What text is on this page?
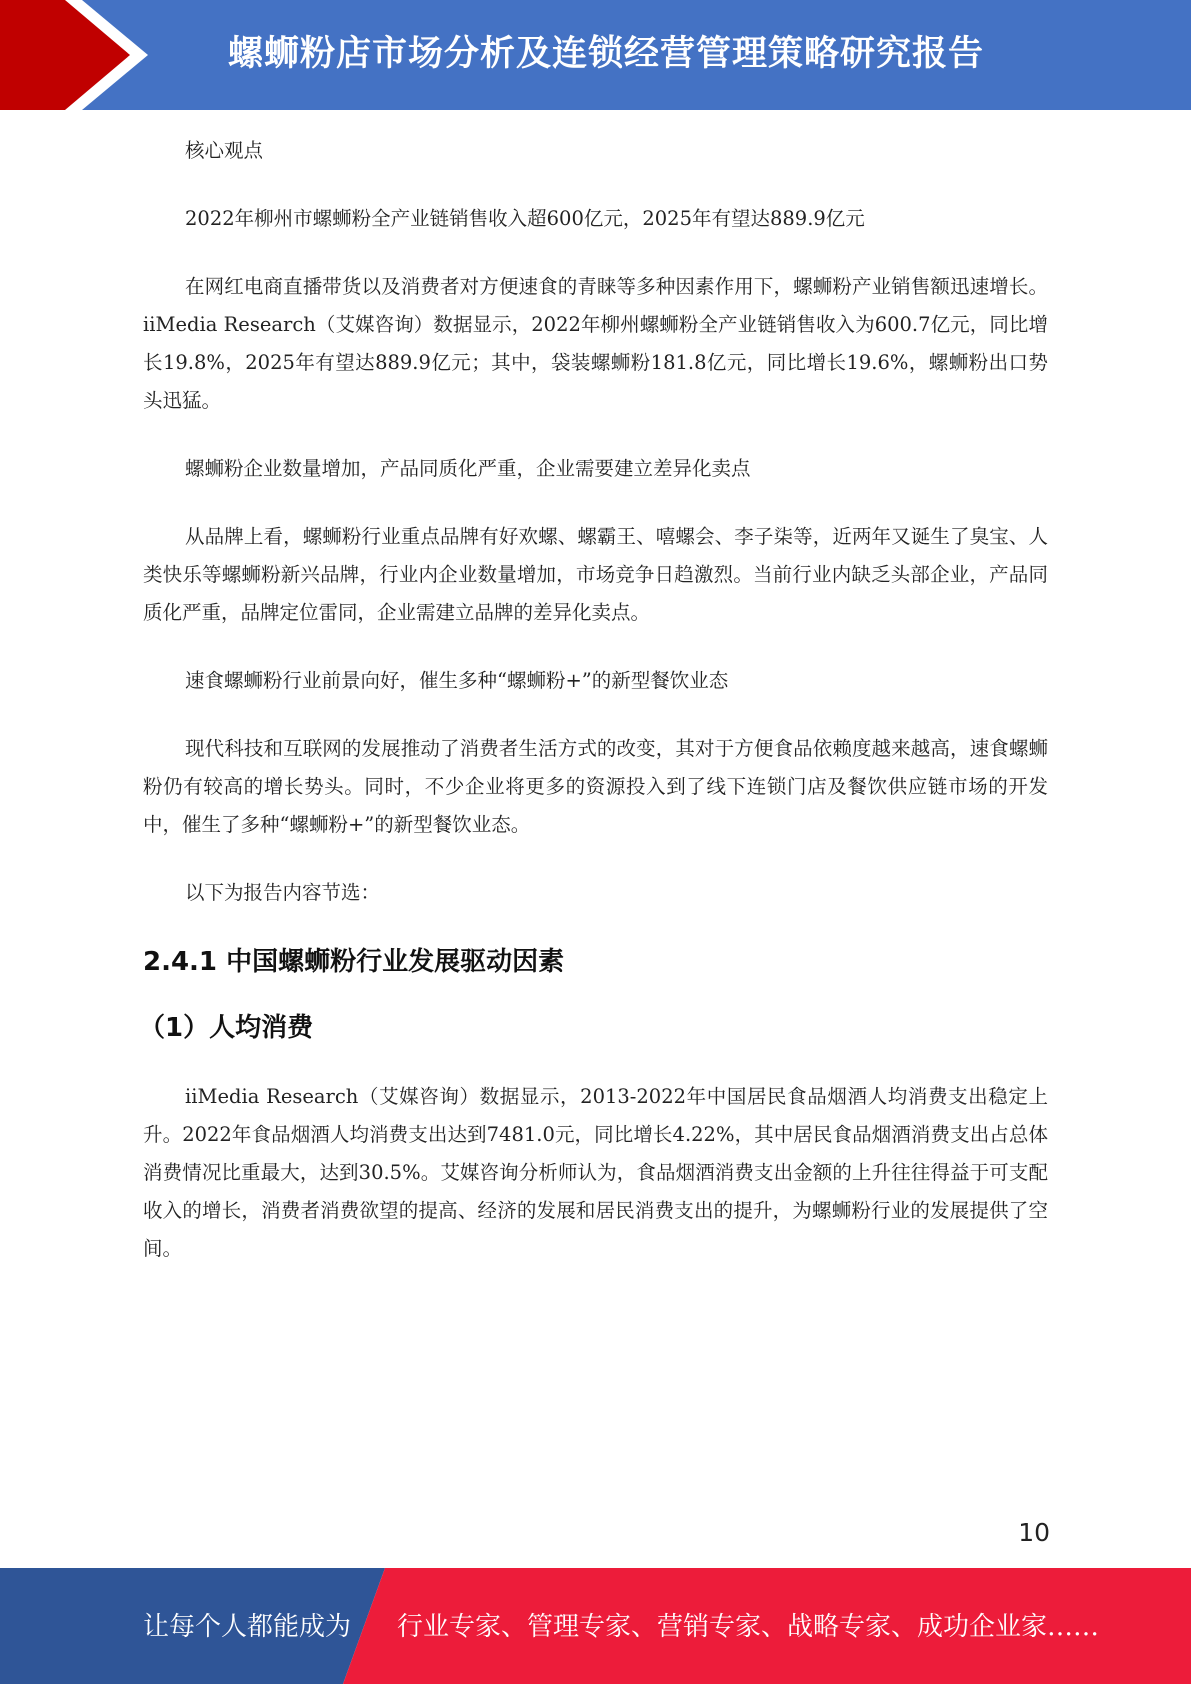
螺蛳粉店市场分析及连锁经营管理策略研究报告

核心观点

2022年柳州市螺蛳粉全产业链销售收入超600亿元，2025年有望达889.9亿元

在网红电商直播带货以及消费者对方便速食的青睐等多种因素作用下，螺蛳粉产业销售额迅速增长。iiMedia Research（艾媒咨询）数据显示，2022年柳州螺蛳粉全产业链销售收入为600.7亿元，同比增长19.8%，2025年有望达889.9亿元；其中，袋装螺蛳粉181.8亿元，同比增长19.6%，螺蛳粉出口势头迅猛。

螺蛳粉企业数量增加，产品同质化严重，企业需要建立差异化卖点

从品牌上看，螺蛳粉行业重点品牌有好欢螺、螺霸王、嘻螺会、李子柒等，近两年又诞生了臭宝、人类快乐等螺蛳粉新兴品牌，行业内企业数量增加，市场竞争日趋激烈。当前行业内缺乏头部企业，产品同质化严重，品牌定位雷同，企业需建立品牌的差异化卖点。

速食螺蛳粉行业前景向好，催生多种“螺蛳粉+”的新型餐饮业态

现代科技和互联网的发展推动了消费者生活方式的改变，其对于方便食品依赖度越来越高，速食螺蛳粉仍有较高的增长势头。同时，不少企业将更多的资源投入到了线下连锁门店及餐饮供应链市场的开发中，催生了多种“螺蛳粉+”的新型餐饮业态。

以下为报告内容节选：

2.4.1 中国螺蛳粉行业发展驱动因素
（1）人均消费

iiMedia Research（艾媒咨询）数据显示，2013-2022年中国居民食品烟酒人均消费支出稳定上升。2022年食品烟酒人均消费支出达到7481.0元，同比增长4.22%，其中居民食品烟酒消费支出占总体消费情况比重最大，达到30.5%。艾媒咨询分析师认为，食品烟酒消费支出金额的上升往往得益于可支配收入的增长，消费者消费欲望的提高、经济的发展和居民消费支出的提升，为螺蛳粉行业的发展提供了空间。

10
让每个人都能成为 行业专家、管理专家、营销专家、战略专家、成功企业家……
